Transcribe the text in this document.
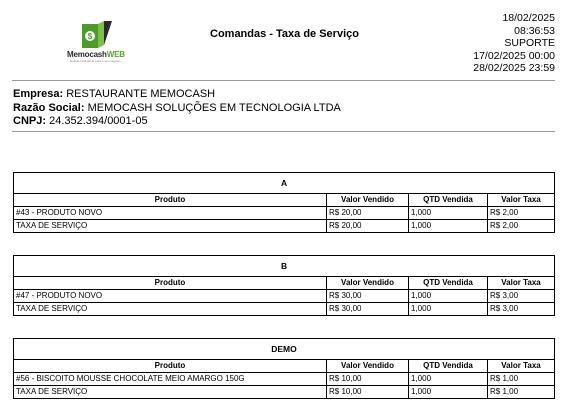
$
MemocashWEB
Gestão Inteligente para o seu negócio
Comandas - Taxa de Serviço
18/02/2025
08:36:53
SUPORTE
17/02/2025 00:00
28/02/2025 23:59
Empresa: RESTAURANTE MEMOCASH
Razão Social: MEMOCASH SOLUÇÕES EM TECNOLOGIA LTDA
CNPJ: 24.352.394/0001-05
A			
Produto	Valor Vendido	QTD Vendida	Valor Taxa
#43 - PRODUTO NOVO	R$ 20,00	1,000	R$ 2,00
TAXA DE SERVIÇO	R$ 20,00	1,000	R$ 2,00
B			
Produto	Valor Vendido	QTD Vendida	Valor Taxa
#47 - PRODUTO NOVO	R$ 30,00	1,000	R$ 3,00
TAXA DE SERVIÇO	R$ 30,00	1,000	R$ 3,00
DEMO			
Produto	Valor Vendido	QTD Vendida	Valor Taxa
#56 - BISCOITO MOUSSE CHOCOLATE MEIO AMARGO 150G	R$ 10,00	1,000	R$ 1,00
TAXA DE SERVIÇO	R$ 10,00	1,000	R$ 1,00
